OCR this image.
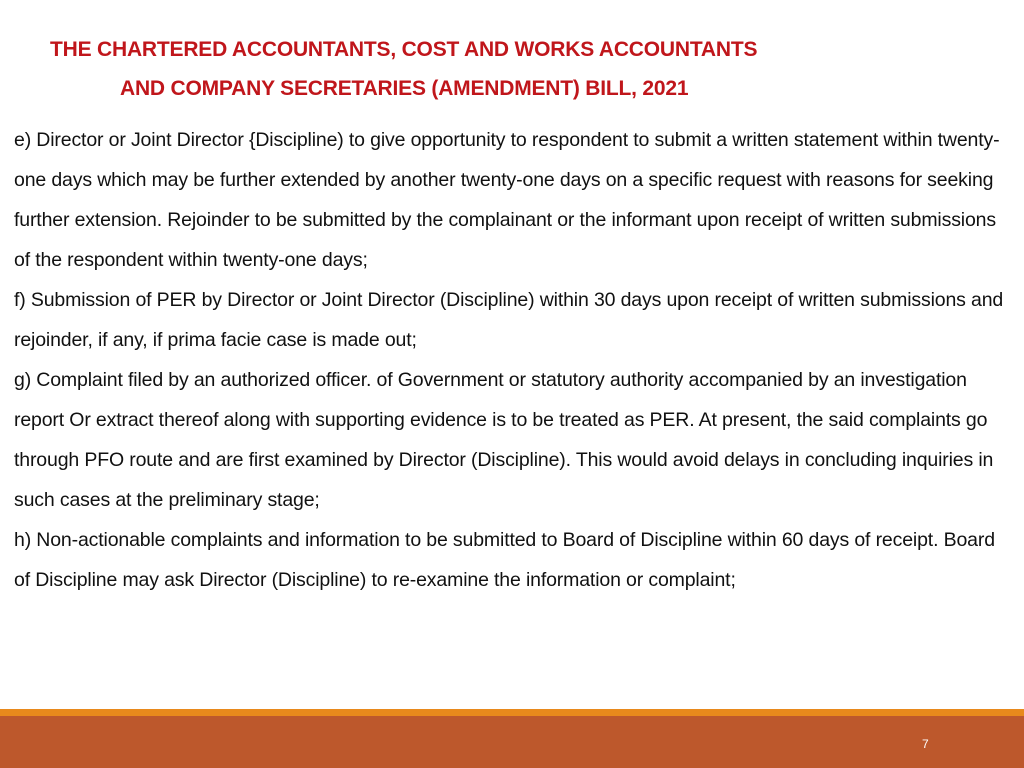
THE CHARTERED ACCOUNTANTS, COST AND WORKS ACCOUNTANTS
AND COMPANY SECRETARIES (AMENDMENT) BILL, 2021

e) Director or Joint Director {Discipline) to give opportunity to respondent to submit a written statement within twenty-one days which may be further extended by another twenty-one days on a specific request with reasons for seeking further extension. Rejoinder to be submitted by the complainant or the informant upon receipt of written submissions of the respondent within twenty-one days;

f) Submission of PER by Director or Joint Director (Discipline) within 30 days upon receipt of written submissions and rejoinder, if any, if prima facie case is made out;

g) Complaint filed by an authorized officer. of Government or statutory authority accompanied by an investigation report Or extract thereof along with supporting evidence is to be treated as PER. At present, the said complaints go through PFO route and are first examined by Director (Discipline). This would avoid delays in concluding inquiries in such cases at the preliminary stage;

h) Non-actionable complaints and information to be submitted to Board of Discipline within 60 days of receipt. Board of Discipline may ask Director (Discipline) to re-examine the information or complaint;

7
